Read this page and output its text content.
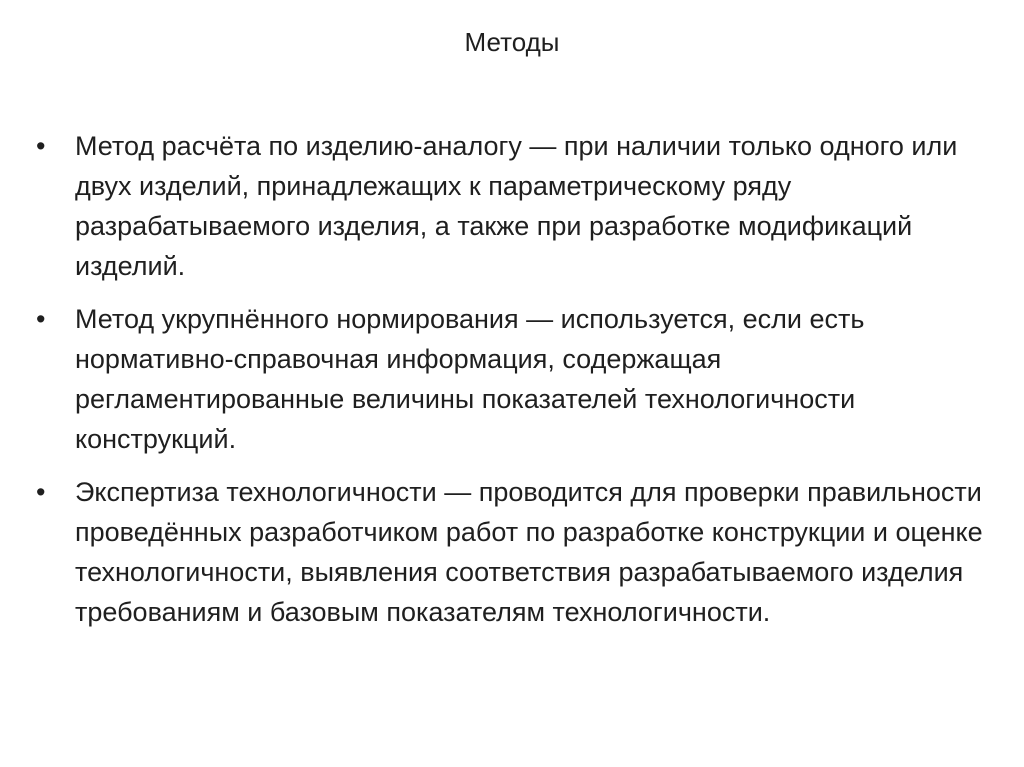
Методы
•	Метод расчёта по изделию-аналогу — при наличии только одного или двух изделий, принадлежащих к параметрическому ряду разрабатываемого изделия, а также при разработке модификаций изделий.
•	Метод укрупнённого нормирования — используется, если есть нормативно-справочная информация, содержащая регламентированные величины показателей технологичности конструкций.
•	Экспертиза технологичности — проводится для проверки правильности проведённых разработчиком работ по разработке конструкции и оценке технологичности, выявления соответствия разрабатываемого изделия требованиям и базовым показателям технологичности.
